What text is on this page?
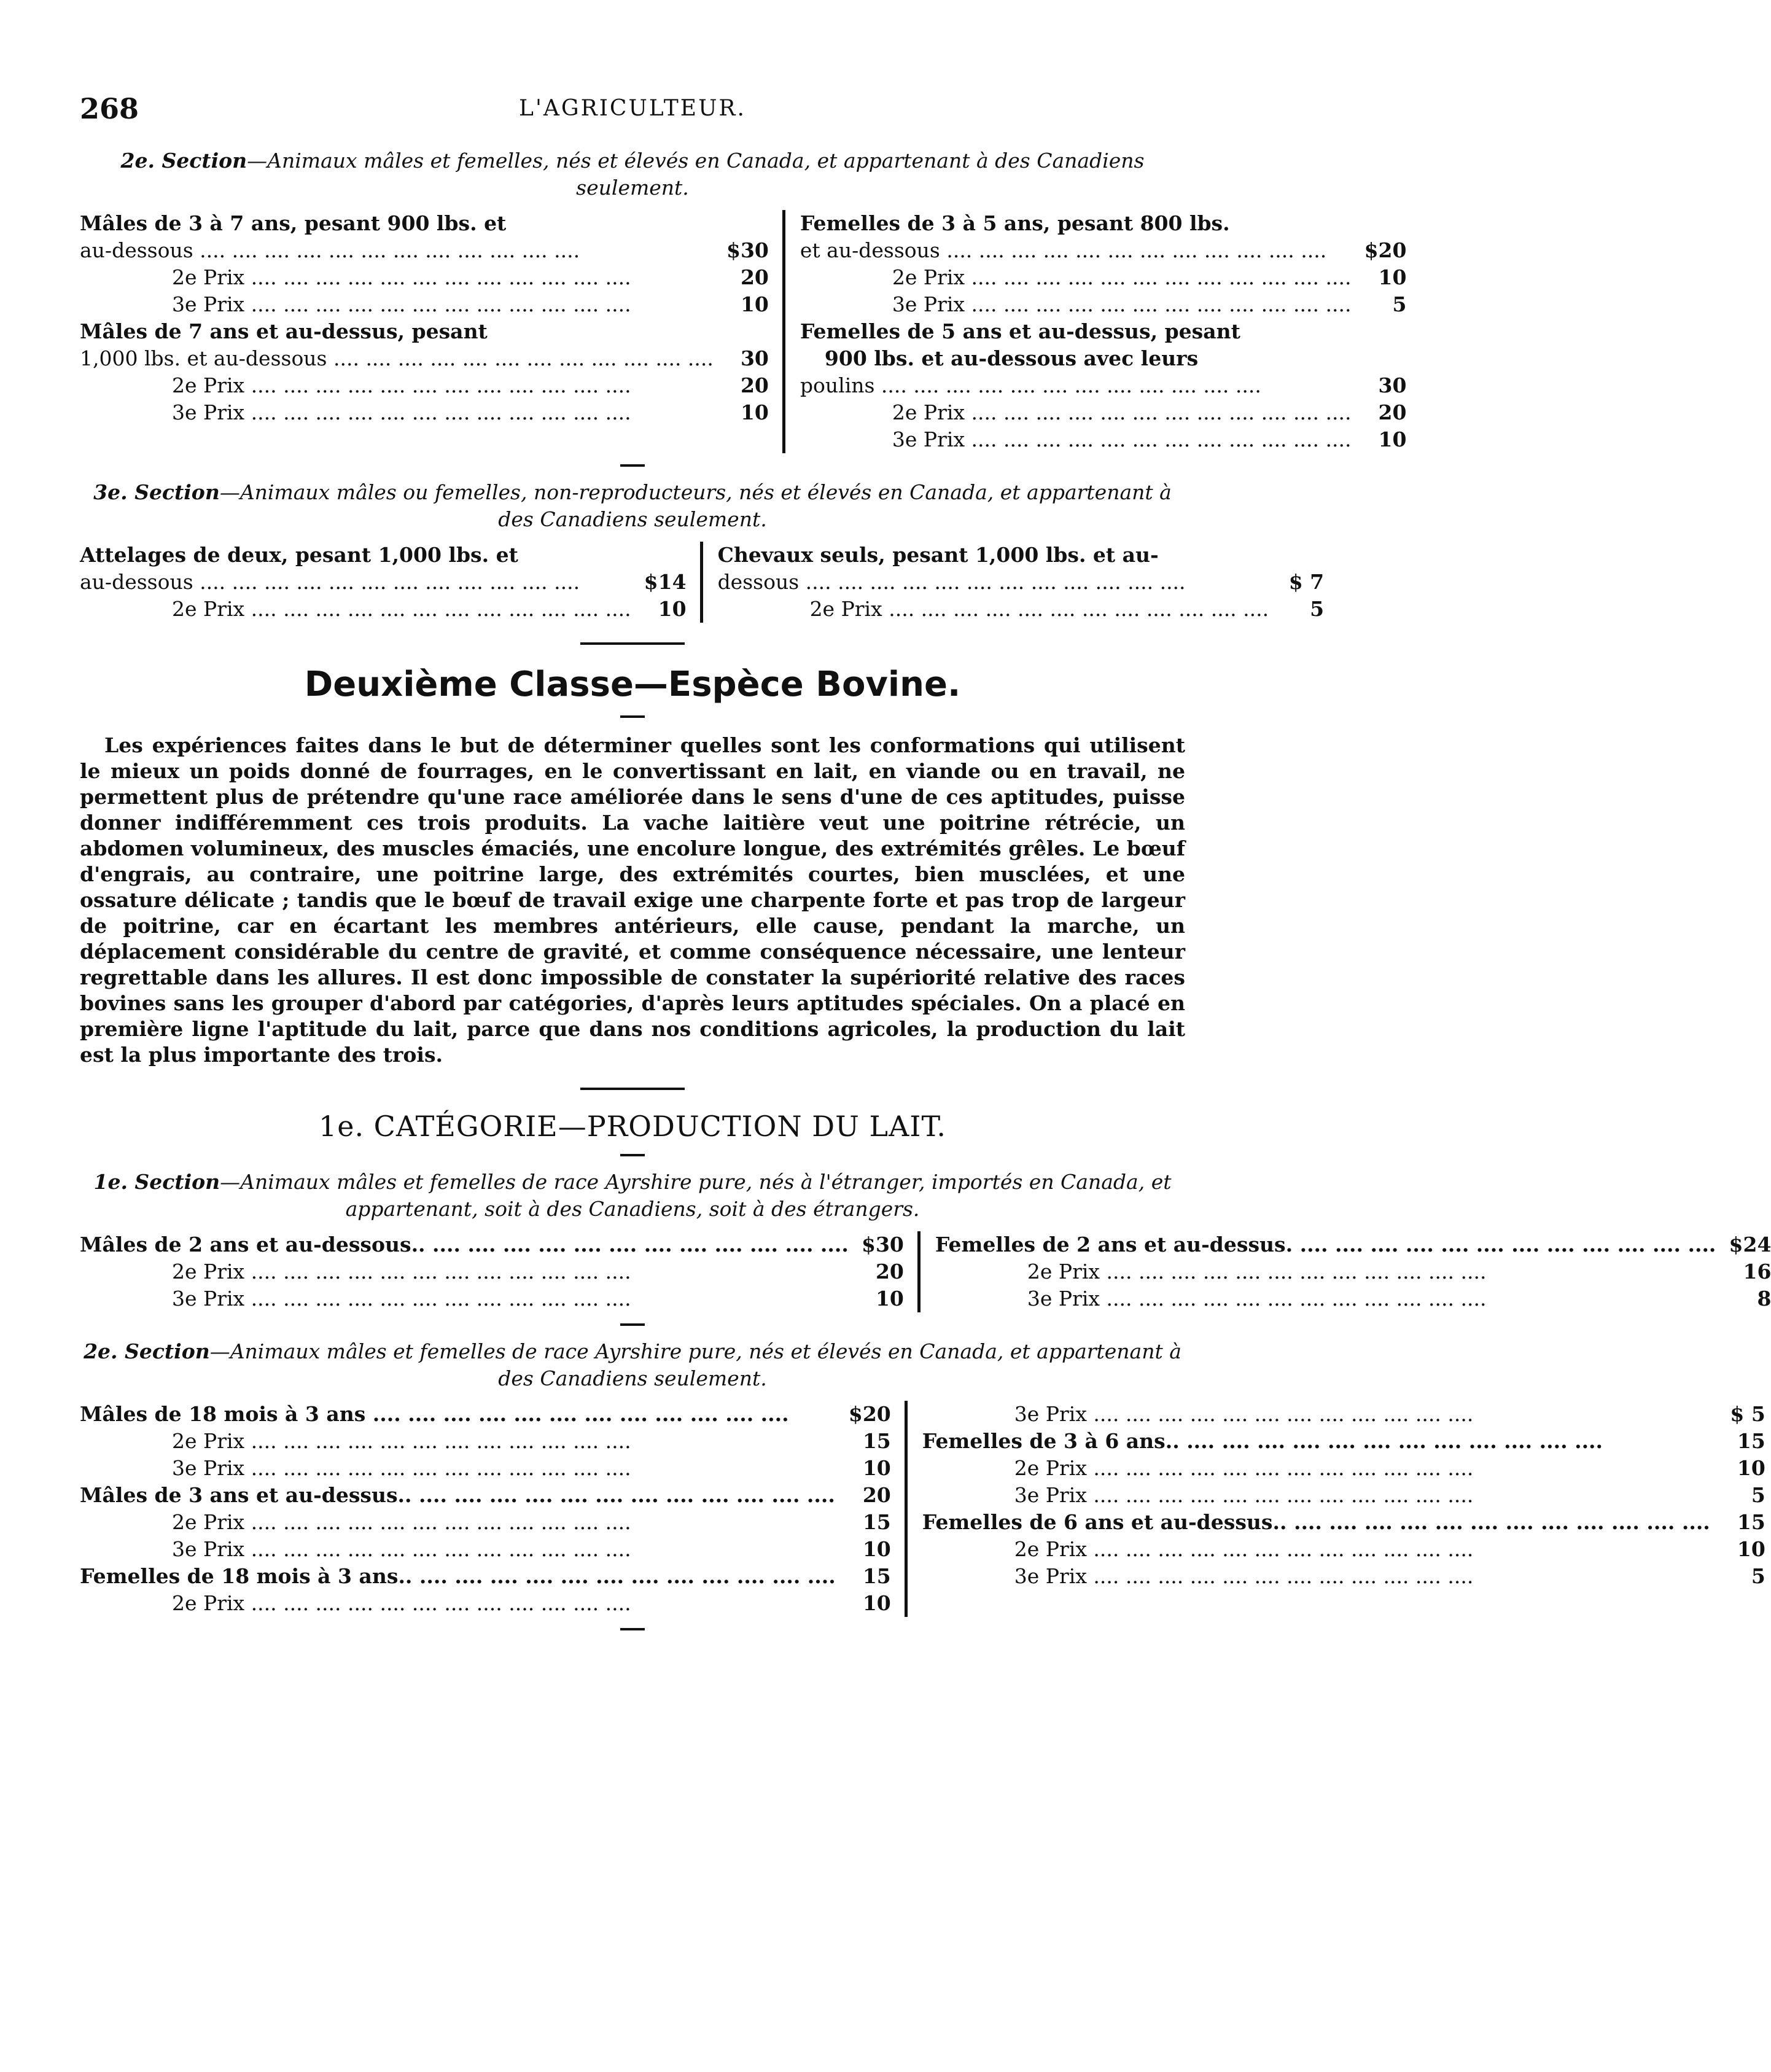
268	L'AGRICULTEUR.
2e. Section—Animaux mâles et femelles, nés et élevés en Canada, et appartenant à des Canadiens seulement.
Mâles de 3 à 7 ans, pesant 900 lbs. et
au-dessous ....	$30
2e Prix ....	20
3e Prix ....	10
Mâles de 7 ans et au-dessus, pesant
1,000 lbs. et au-dessous ....	30
2e Prix ....	20
3e Prix ....	10
Femelles de 3 à 5 ans, pesant 800 lbs.
et au-dessous ....	$20
2e Prix ....	10
3e Prix ....	5
Femelles de 5 ans et au-dessus, pesant
900 lbs. et au-dessous avec leurs
poulins ....	30
2e Prix ....	20
3e Prix ....	10
3e. Section—Animaux mâles ou femelles, non-reproducteurs, nés et élevés en Canada, et appartenant à des Canadiens seulement.
Attelages de deux, pesant 1,000 lbs. et
au-dessous ....	$14
2e Prix ....	10
Chevaux seuls, pesant 1,000 lbs. et au-
dessous ....	$ 7
2e Prix ....	5
Deuxième Classe—Espèce Bovine.

Les expériences faites dans le but de déterminer quelles sont les conformations qui utilisent le mieux un poids donné de fourrages, en le convertissant en lait, en viande ou en travail, ne permettent plus de prétendre qu'une race améliorée dans le sens d'une de ces aptitudes, puisse donner indifféremment ces trois produits. La vache laitière veut une poitrine rétrécie, un abdomen volumineux, des muscles émaciés, une encolure longue, des extrémités grêles. Le bœuf d'engrais, au contraire, une poitrine large, des extrémités courtes, bien musclées, et une ossature délicate ; tandis que le bœuf de travail exige une charpente forte et pas trop de largeur de poitrine, car en écartant les membres antérieurs, elle cause, pendant la marche, un déplacement considérable du centre de gravité, et comme conséquence nécessaire, une lenteur regrettable dans les allures. Il est donc impossible de constater la supériorité relative des races bovines sans les grouper d'abord par catégories, d'après leurs aptitudes spéciales. On a placé en première ligne l'aptitude du lait, parce que dans nos conditions agricoles, la production du lait est la plus importante des trois.

1e. CATÉGORIE—PRODUCTION DU LAIT.
1e. Section—Animaux mâles et femelles de race Ayrshire pure, nés à l'étranger, importés en Canada, et appartenant, soit à des Canadiens, soit à des étrangers.
Mâles de 2 ans et au-dessous.. ....	$30
2e Prix ....	20
3e Prix ....	10
Femelles de 2 ans et au-dessus. ....	$24
2e Prix ....	16
3e Prix ....	8
2e. Section—Animaux mâles et femelles de race Ayrshire pure, nés et élevés en Canada, et appartenant à des Canadiens seulement.
Mâles de 18 mois à 3 ans ....	$20
2e Prix ....	15
3e Prix ....	10
Mâles de 3 ans et au-dessus.. ....	20
2e Prix ....	15
3e Prix ....	10
Femelles de 18 mois à 3 ans.. ....	15
2e Prix ....	10
3e Prix ....	$ 5
Femelles de 3 à 6 ans.. ....	15
2e Prix ....	10
3e Prix ....	5
Femelles de 6 ans et au-dessus.. ....	15
2e Prix ....	10
3e Prix ....	5
